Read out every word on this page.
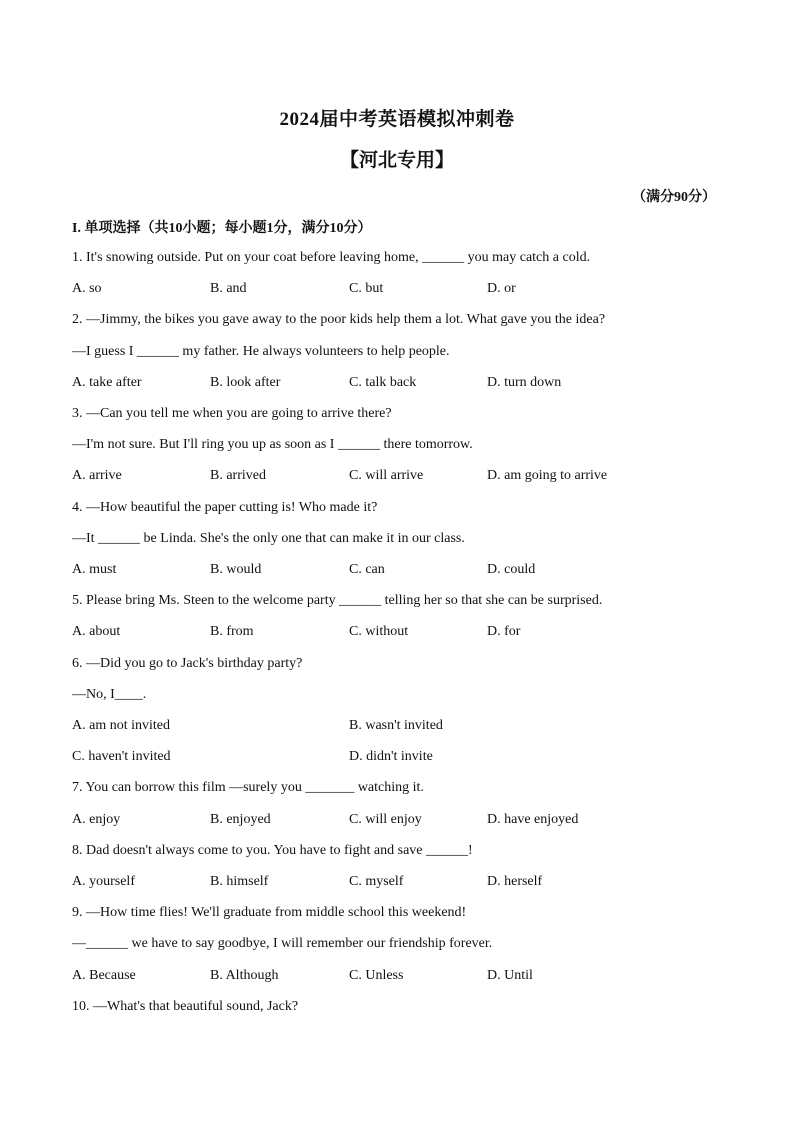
2024届中考英语模拟冲刺卷
【河北专用】
（满分90分）
I. 单项选择（共10小题；每小题1分，满分10分）
1. It's snowing outside. Put on your coat before leaving home, ______ you may catch a cold.
A. so	B. and	C. but	D. or
2. —Jimmy, the bikes you gave away to the poor kids help them a lot. What gave you the idea?
—I guess I ______ my father. He always volunteers to help people.
A. take after	B. look after	C. talk back	D. turn down
3. —Can you tell me when you are going to arrive there?
—I'm not sure. But I'll ring you up as soon as I ______ there tomorrow.
A. arrive	B. arrived	C. will arrive	D. am going to arrive
4. —How beautiful the paper cutting is! Who made it?
—It ______ be Linda. She's the only one that can make it in our class.
A. must	B. would	C. can	D. could
5. Please bring Ms. Steen to the welcome party ______ telling her so that she can be surprised.
A. about	B. from	C. without	D. for
6. —Did you go to Jack's birthday party?
—No, I____.
A. am not invited	B. wasn't invited
C. haven't invited	D. didn't invite
7. You can borrow this film —surely you _______ watching it.
A. enjoy	B. enjoyed	C. will enjoy	D. have enjoyed
8. Dad doesn't always come to you. You have to fight and save ______!
A. yourself	B. himself	C. myself	D. herself
9. —How time flies! We'll graduate from middle school this weekend!
—______ we have to say goodbye, I will remember our friendship forever.
A. Because	B. Although	C. Unless	D. Until
10. —What's that beautiful sound, Jack?
